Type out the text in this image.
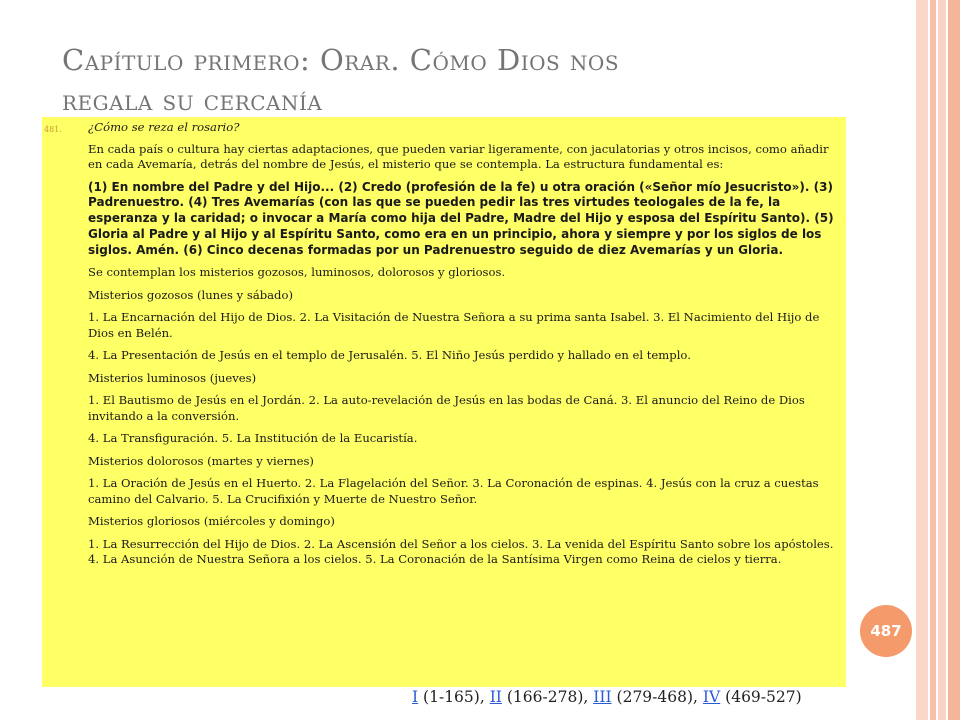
Capítulo primero: Orar. Cómo Dios nos
regala su cercanía
481. ¿Cómo se reza el rosario?

En cada país o cultura hay ciertas adaptaciones, que pueden variar ligeramente, con jaculatorias y otros incisos, como añadir en cada Avemaría, detrás del nombre de Jesús, el misterio que se contempla. La estructura fundamental es:

(1) En nombre del Padre y del Hijo... (2) Credo (profesión de la fe) u otra oración («Señor mío Jesucristo»). (3) Padrenuestro. (4) Tres Avemarías (con las que se pueden pedir las tres virtudes teologales de la fe, la esperanza y la caridad; o invocar a María como hija del Padre, Madre del Hijo y esposa del Espíritu Santo). (5) Gloria al Padre y al Hijo y al Espíritu Santo, como era en un principio, ahora y siempre y por los siglos de los siglos. Amén. (6) Cinco decenas formadas por un Padrenuestro seguido de diez Avemarías y un Gloria.

Se contemplan los misterios gozosos, luminosos, dolorosos y gloriosos.

Misterios gozosos (lunes y sábado)

1. La Encarnación del Hijo de Dios. 2. La Visitación de Nuestra Señora a su prima santa Isabel. 3. El Nacimiento del Hijo de Dios en Belén.

4. La Presentación de Jesús en el templo de Jerusalén. 5. El Niño Jesús perdido y hallado en el templo.

Misterios luminosos (jueves)

1. El Bautismo de Jesús en el Jordán. 2. La auto-revelación de Jesús en las bodas de Caná. 3. El anuncio del Reino de Dios invitando a la conversión.

4. La Transfiguración. 5. La Institución de la Eucaristía.

Misterios dolorosos (martes y viernes)

1. La Oración de Jesús en el Huerto. 2. La Flagelación del Señor. 3. La Coronación de espinas. 4. Jesús con la cruz a cuestas camino del Calvario. 5. La Crucifixión y Muerte de Nuestro Señor.

Misterios gloriosos (miércoles y domingo)

1. La Resurrección del Hijo de Dios. 2. La Ascensión del Señor a los cielos. 3. La venida del Espíritu Santo sobre los apóstoles. 4. La Asunción de Nuestra Señora a los cielos. 5. La Coronación de la Santísima Virgen como Reina de cielos y tierra.

487
I (1-165), II (166-278), III (279-468), IV (469-527)
